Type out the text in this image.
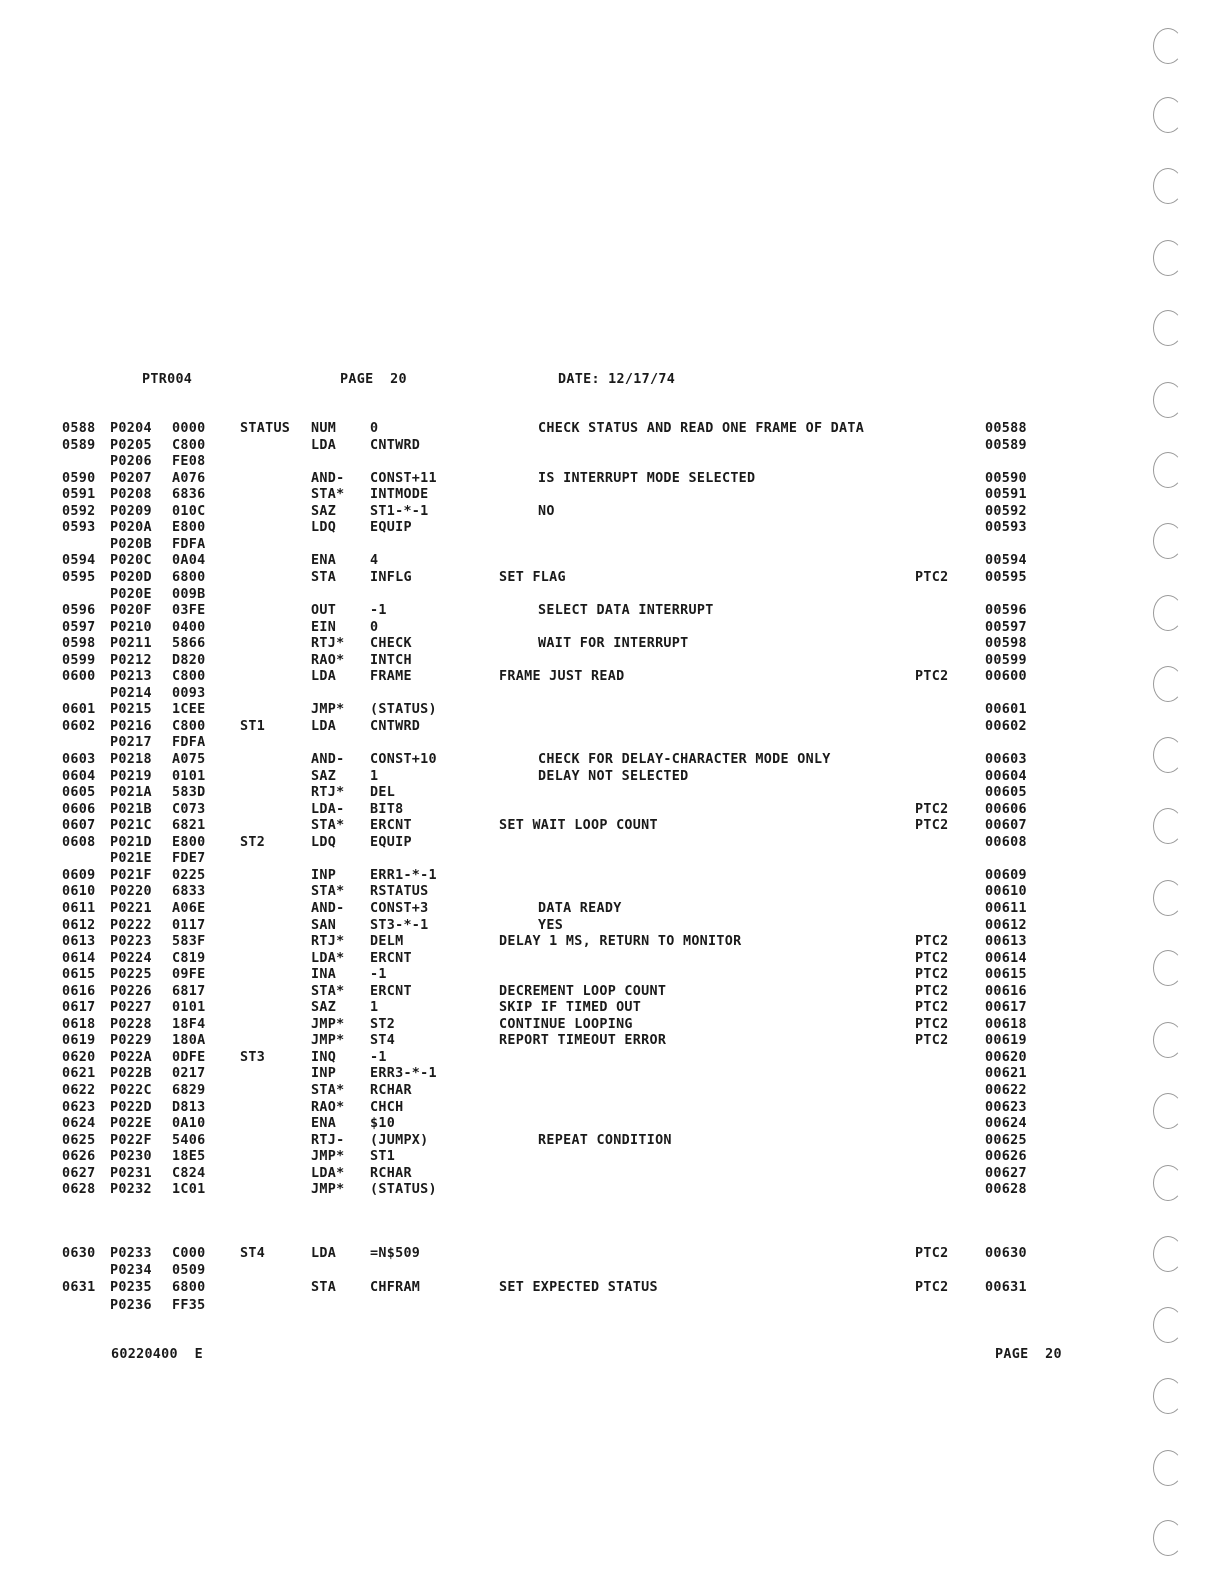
PTR004	PAGE  20	DATE: 12/17/74
0588 P0204 0000	STATUS NUM	0	CHECK STATUS AND READ ONE FRAME OF DATA	00588
0589 P0205 C800	LDA	CNTWRD	00589
P0206 FE08
0590 P0207 A076	AND- CONST+11	IS INTERRUPT MODE SELECTED	00590
0591 P0208 6836	STA* INTMODE	00591
0592 P0209 010C	SAZ	ST1-*-1	NO	00592
0593 P020A E800	LDQ	EQUIP	00593
P020B FDFA
0594 P020C 0A04	ENA	4	00594
0595 P020D 6800	STA	INFLG	SET FLAG	PTC2	00595
P020E 009B
0596 P020F 03FE	OUT	-1	SELECT DATA INTERRUPT	00596
0597 P0210 0400	EIN	0	00597
0598 P0211 5866	RTJ* CHECK	WAIT FOR INTERRUPT	00598
0599 P0212 D820	RAO* INTCH	00599
0600 P0213 C800	LDA	FRAME	FRAME JUST READ	PTC2	00600
P0214 0093
0601 P0215 1CEE	JMP* (STATUS)	00601
0602 P0216 C800	ST1	LDA	CNTWRD	00602
P0217 FDFA
0603 P0218 A075	AND- CONST+10	CHECK FOR DELAY-CHARACTER MODE ONLY	00603
0604 P0219 0101	SAZ	1	DELAY NOT SELECTED	00604
0605 P021A 583D	RTJ* DEL	00605
0606 P021B C073	LDA- BIT8	PTC2	00606
0607 P021C 6821	STA* ERCNT	SET WAIT LOOP COUNT	PTC2	00607
0608 P021D E800	ST2	LDQ	EQUIP	00608
P021E FDE7
0609 P021F 0225	INP	ERR1-*-1	00609
0610 P0220 6833	STA* RSTATUS	00610
0611 P0221 A06E	AND- CONST+3	DATA READY	00611
0612 P0222 0117	SAN	ST3-*-1	YES	00612
0613 P0223 583F	RTJ* DELM	DELAY 1 MS, RETURN TO MONITOR	PTC2	00613
0614 P0224 C819	LDA* ERCNT	PTC2	00614
0615 P0225 09FE	INA	-1	PTC2	00615
0616 P0226 6817	STA* ERCNT	DECREMENT LOOP COUNT	PTC2	00616
0617 P0227 0101	SAZ	1	SKIP IF TIMED OUT	PTC2	00617
0618 P0228 18F4	JMP* ST2	CONTINUE LOOPING	PTC2	00618
0619 P0229 180A	JMP* ST4	REPORT TIMEOUT ERROR	PTC2	00619
0620 P022A 0DFE	ST3	INQ	-1	00620
0621 P022B 0217	INP	ERR3-*-1	00621
0622 P022C 6829	STA* RCHAR	00622
0623 P022D D813	RAO* CHCH	00623
0624 P022E 0A10	ENA	$10	00624
0625 P022F 5406	RTJ- (JUMPX)	REPEAT CONDITION	00625
0626 P0230 18E5	JMP* ST1	00626
0627 P0231 C824	LDA* RCHAR	00627
0628 P0232 1C01	JMP* (STATUS)	00628
0630 P0233 C000	ST4	LDA	=N$509	PTC2	00630
P0234 0509
0631 P0235 6800	STA	CHFRAM	SET EXPECTED STATUS	PTC2	00631
P0236 FF35
60220400  E	PAGE  20
